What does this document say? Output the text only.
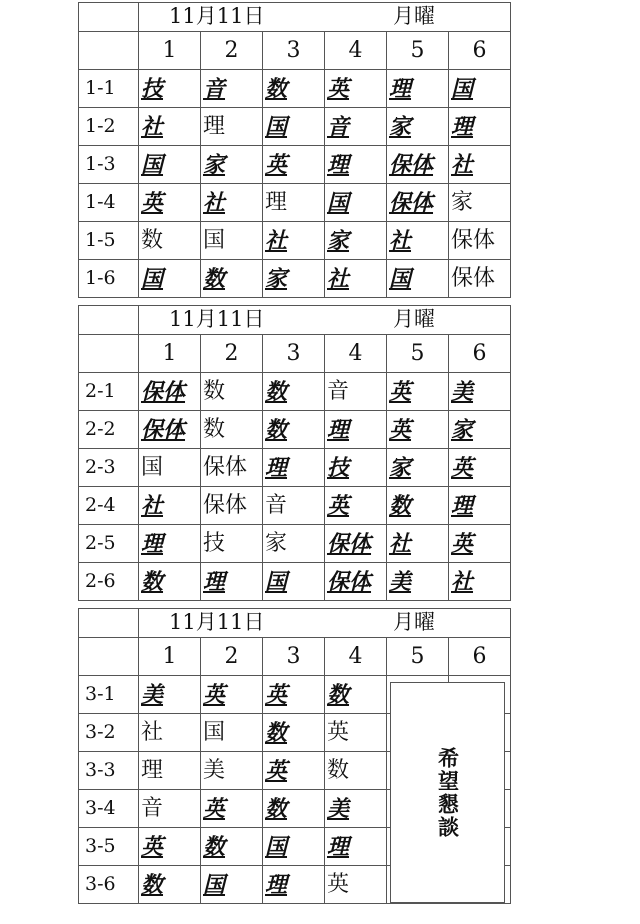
	11月11日 月曜					

	1	2	3	4	5	6
1-1	技	音	数	英	理	国
1-2	社	理	国	音	家	理
1-3	国	家	英	理	保体	社
1-4	英	社	理	国	保体	家
1-5	数	国	社	家	社	保体
1-6	国	数	家	社	国	保体

	11月11日 月曜					

	1	2	3	4	5	6
2-1	保体	数	数	音	英	美
2-2	保体	数	数	理	英	家
2-3	国	保体	理	技	家	英
2-4	社	保体	音	英	数	理
2-5	理	技	家	保体	社	英
2-6	数	理	国	保体	美	社

	11月11日 月曜					

	1	2	3	4	5	6
3-1	美	英	英	数		
3-2	社	国	数	英		
3-3	理	美	英	数		
3-4	音	英	数	美		
3-5	英	数	国	理		
3-6	数	国	理	英		
希望懇談
